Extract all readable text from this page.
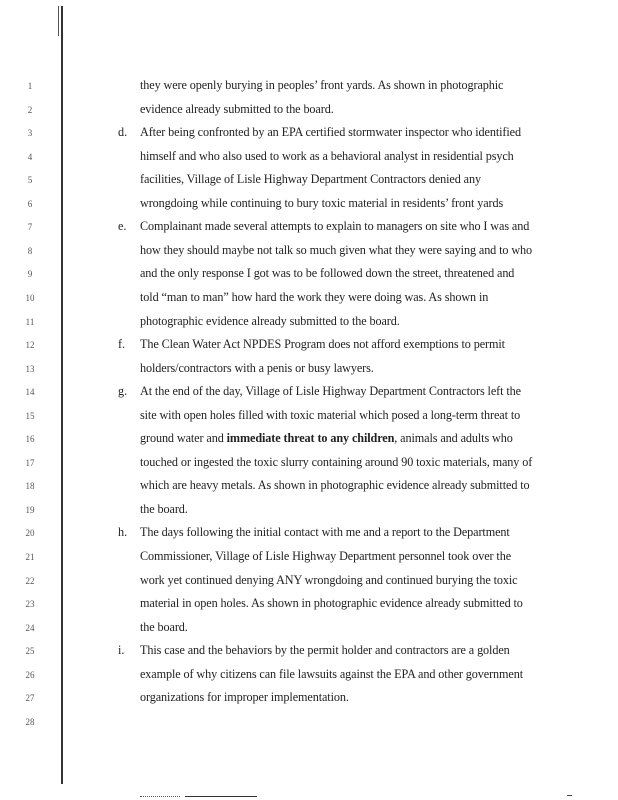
1
2
3
4
5
6
7
8
9
10
11
12
13
14
15
16
17
18
19
20
21
22
23
24
25
26
27
28
they were openly burying in peoples’ front yards. As shown in photographic
evidence already submitted to the board.
d. After being confronted by an EPA certified stormwater inspector who identified
himself and who also used to work as a behavioral analyst in residential psych
facilities, Village of Lisle Highway Department Contractors denied any
wrongdoing while continuing to bury toxic material in residents’ front yards
e. Complainant made several attempts to explain to managers on site who I was and
how they should maybe not talk so much given what they were saying and to who
and the only response I got was to be followed down the street, threatened and
told “man to man” how hard the work they were doing was. As shown in
photographic evidence already submitted to the board.
f. The Clean Water Act NPDES Program does not afford exemptions to permit
holders/contractors with a penis or busy lawyers.
g. At the end of the day, Village of Lisle Highway Department Contractors left the
site with open holes filled with toxic material which posed a long-term threat to
ground water and immediate threat to any children, animals and adults who
touched or ingested the toxic slurry containing around 90 toxic materials, many of
which are heavy metals. As shown in photographic evidence already submitted to
the board.
h. The days following the initial contact with me and a report to the Department
Commissioner, Village of Lisle Highway Department personnel took over the
work yet continued denying ANY wrongdoing and continued burying the toxic
material in open holes. As shown in photographic evidence already submitted to
the board.
i. This case and the behaviors by the permit holder and contractors are a golden
example of why citizens can file lawsuits against the EPA and other government
organizations for improper implementation.
